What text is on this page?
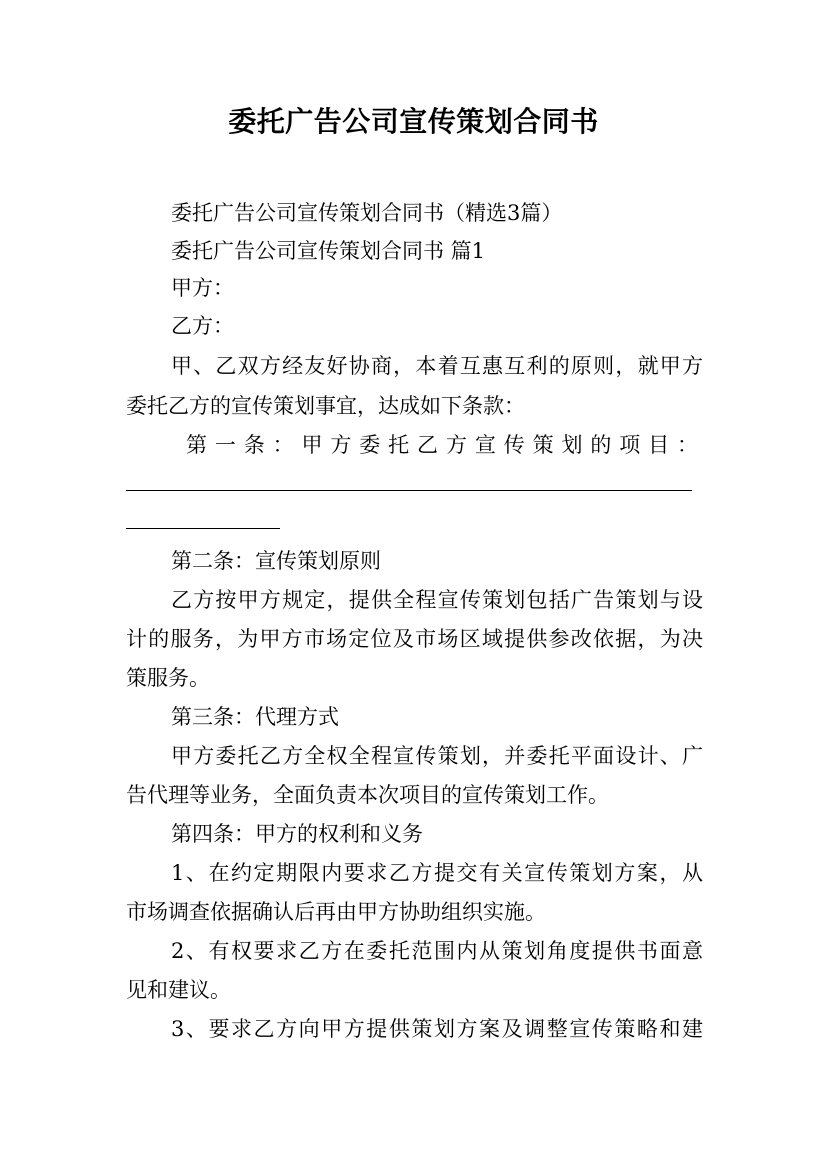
委托广告公司宣传策划合同书
委托广告公司宣传策划合同书（精选3篇）
委托广告公司宣传策划合同书 篇1
甲方：
乙方：
甲、乙双方经友好协商，本着互惠互利的原则，就甲方
委托乙方的宣传策划事宜，达成如下条款：
第一条：甲方委托乙方宣传策划的项目：
第二条：宣传策划原则
乙方按甲方规定，提供全程宣传策划包括广告策划与设
计的服务，为甲方市场定位及市场区域提供参改依据，为决
策服务。
第三条：代理方式
甲方委托乙方全权全程宣传策划，并委托平面设计、广
告代理等业务，全面负责本次项目的宣传策划工作。
第四条：甲方的权利和义务
1、在约定期限内要求乙方提交有关宣传策划方案，从
市场调查依据确认后再由甲方协助组织实施。
2、有权要求乙方在委托范围内从策划角度提供书面意
见和建议。
3、要求乙方向甲方提供策划方案及调整宣传策略和建
